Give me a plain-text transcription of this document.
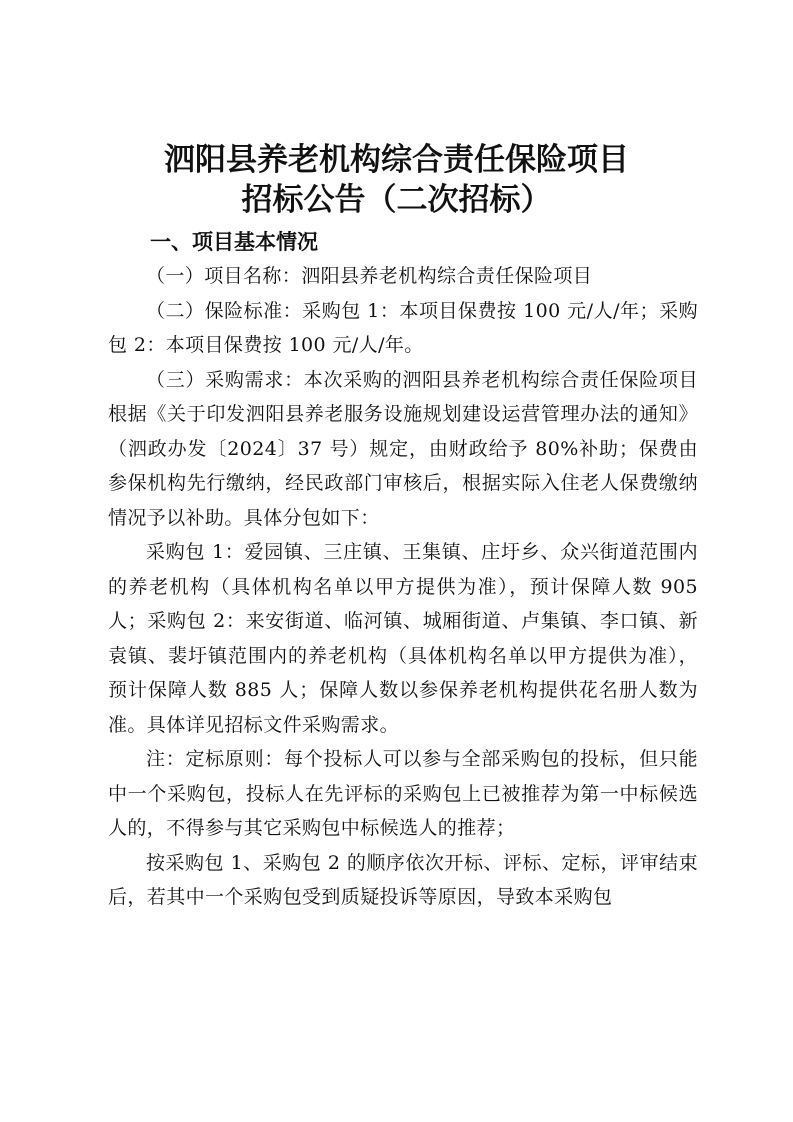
泗阳县养老机构综合责任保险项目
招标公告（二次招标）
一、项目基本情况

（一）项目名称：泗阳县养老机构综合责任保险项目

（二）保险标准：采购包 1：本项目保费按 100 元/人/年；采购包 2：本项目保费按 100 元/人/年。

（三）采购需求：本次采购的泗阳县养老机构综合责任保险项目根据《关于印发泗阳县养老服务设施规划建设运营管理办法的通知》（泗政办发〔2024〕37 号）规定，由财政给予 80%补助；保费由参保机构先行缴纳，经民政部门审核后，根据实际入住老人保费缴纳情况予以补助。具体分包如下：

采购包 1：爱园镇、三庄镇、王集镇、庄圩乡、众兴街道范围内的养老机构（具体机构名单以甲方提供为准），预计保障人数 905 人；采购包 2：来安街道、临河镇、城厢街道、卢集镇、李口镇、新袁镇、裴圩镇范围内的养老机构（具体机构名单以甲方提供为准），预计保障人数 885 人；保障人数以参保养老机构提供花名册人数为准。具体详见招标文件采购需求。

注：定标原则：每个投标人可以参与全部采购包的投标，但只能中一个采购包，投标人在先评标的采购包上已被推荐为第一中标候选人的，不得参与其它采购包中标候选人的推荐；

按采购包 1、采购包 2 的顺序依次开标、评标、定标，评审结束后，若其中一个采购包受到质疑投诉等原因，导致本采购包
